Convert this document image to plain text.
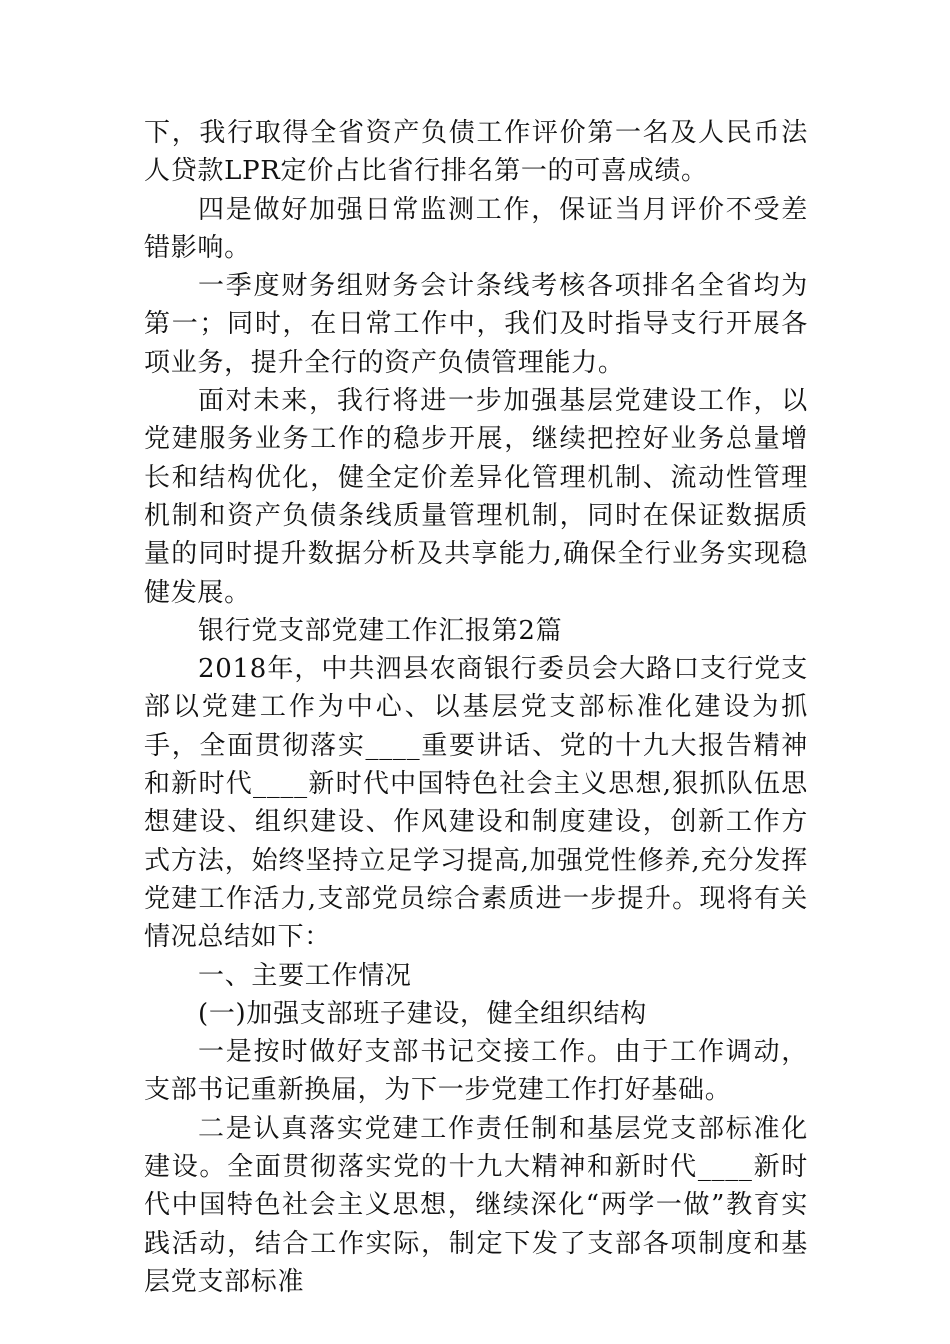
下，我行取得全省资产负债工作评价第一名及人民币法人贷款LPR定价占比省行排名第一的可喜成绩。

四是做好加强日常监测工作，保证当月评价不受差错影响。

一季度财务组财务会计条线考核各项排名全省均为第一；同时，在日常工作中，我们及时指导支行开展各项业务，提升全行的资产负债管理能力。

面对未来，我行将进一步加强基层党建设工作，以党建服务业务工作的稳步开展，继续把控好业务总量增长和结构优化，健全定价差异化管理机制、流动性管理机制和资产负债条线质量管理机制，同时在保证数据质量的同时提升数据分析及共享能力,确保全行业务实现稳健发展。

银行党支部党建工作汇报第2篇

2018年，中共泗县农商银行委员会大路口支行党支部以党建工作为中心、以基层党支部标准化建设为抓手，全面贯彻落实____重要讲话、党的十九大报告精神和新时代____新时代中国特色社会主义思想,狠抓队伍思想建设、组织建设、作风建设和制度建设，创新工作方式方法，始终坚持立足学习提高,加强党性修养,充分发挥党建工作活力,支部党员综合素质进一步提升。现将有关情况总结如下：

一、主要工作情况

(一)加强支部班子建设，健全组织结构

一是按时做好支部书记交接工作。由于工作调动，支部书记重新换届，为下一步党建工作打好基础。

二是认真落实党建工作责任制和基层党支部标准化建设。全面贯彻落实党的十九大精神和新时代____新时代中国特色社会主义思想，继续深化“两学一做”教育实践活动，结合工作实际，制定下发了支部各项制度和基层党支部标准
